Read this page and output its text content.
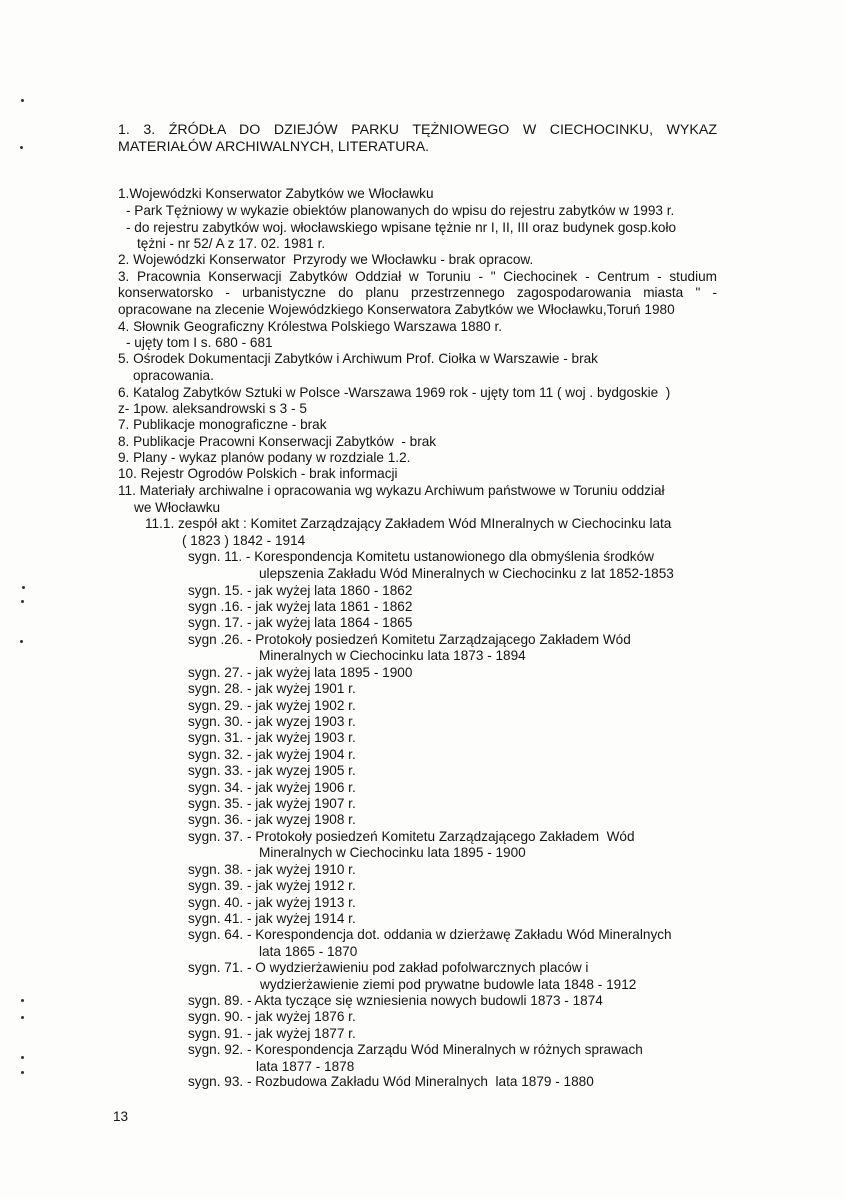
1. 3. ŹRÓDŁA DO DZIEJÓW PARKU TĘŻNIOWEGO W CIECHOCINKU, WYKAZ
MATERIAŁÓW ARCHIWALNYCH, LITERATURA.
1.Wojewódzki Konserwator Zabytków we Włocławku
- Park Tężniowy w wykazie obiektów planowanych do wpisu do rejestru zabytków w 1993 r.
- do rejestru zabytków woj. włocławskiego wpisane tężnie nr I, II, III oraz budynek gosp.koło
tężni - nr 52/ A z 17. 02. 1981 r.
2. Wojewódzki Konserwator  Przyrody we Włocławku - brak opracow.
3. Pracownia Konserwacji Zabytków Oddział w Toruniu - " Ciechocinek - Centrum - studium
konserwatorsko - urbanistyczne do planu przestrzennego zagospodarowania miasta " -
opracowane na zlecenie Wojewódzkiego Konserwatora Zabytków we Włocławku,Toruń 1980
4. Słownik Geograficzny Królestwa Polskiego Warszawa 1880 r.
- ujęty tom I s. 680 - 681
5. Ośrodek Dokumentacji Zabytków i Archiwum Prof. Ciołka w Warszawie - brak
opracowania.
6. Katalog Zabytków Sztuki w Polsce -Warszawa 1969 rok - ujęty tom 11 ( woj . bydgoskie  )
z- 1pow. aleksandrowski s 3 - 5
7. Publikacje monograficzne - brak
8. Publikacje Pracowni Konserwacji Zabytków  - brak
9. Plany - wykaz planów podany w rozdziale 1.2.
10. Rejestr Ogrodów Polskich - brak informacji
11. Materiały archiwalne i opracowania wg wykazu Archiwum państwowe w Toruniu oddział
we Włocławku
11.1. zespół akt : Komitet Zarządzający Zakładem Wód MIneralnych w Ciechocinku lata
( 1823 ) 1842 - 1914
sygn. 11. - Korespondencja Komitetu ustanowionego dla obmyślenia środków
ulepszenia Zakładu Wód Mineralnych w Ciechocinku z lat 1852-1853
sygn. 15. - jak wyżej lata 1860 - 1862
sygn .16. - jak wyżej lata 1861 - 1862
sygn. 17. - jak wyżej lata 1864 - 1865
sygn .26. - Protokoły posiedzeń Komitetu Zarządzającego Zakładem Wód
Mineralnych w Ciechocinku lata 1873 - 1894
sygn. 27. - jak wyżej lata 1895 - 1900
sygn. 28. - jak wyżej 1901 r.
sygn. 29. - jak wyżej 1902 r.
sygn. 30. - jak wyzej 1903 r.
sygn. 31. - jak wyżej 1903 r.
sygn. 32. - jak wyżej 1904 r.
sygn. 33. - jak wyzej 1905 r.
sygn. 34. - jak wyżej 1906 r.
sygn. 35. - jak wyżej 1907 r.
sygn. 36. - jak wyzej 1908 r.
sygn. 37. - Protokoły posiedzeń Komitetu Zarządzającego Zakładem  Wód
Mineralnych w Ciechocinku lata 1895 - 1900
sygn. 38. - jak wyżej 1910 r.
sygn. 39. - jak wyżej 1912 r.
sygn. 40. - jak wyżej 1913 r.
sygn. 41. - jak wyżej 1914 r.
sygn. 64. - Korespondencja dot. oddania w dzierżawę Zakładu Wód Mineralnych
lata 1865 - 1870
sygn. 71. - O wydzierżawieniu pod zakład pofolwarcznych placów i
wydzierżawienie ziemi pod prywatne budowle lata 1848 - 1912
sygn. 89. - Akta tyczące się wzniesienia nowych budowli 1873 - 1874
sygn. 90. - jak wyżej 1876 r.
sygn. 91. - jak wyżej 1877 r.
sygn. 92. - Korespondencja Zarządu Wód Mineralnych w różnych sprawach
lata 1877 - 1878
sygn. 93. - Rozbudowa Zakładu Wód Mineralnych  lata 1879 - 1880
13
